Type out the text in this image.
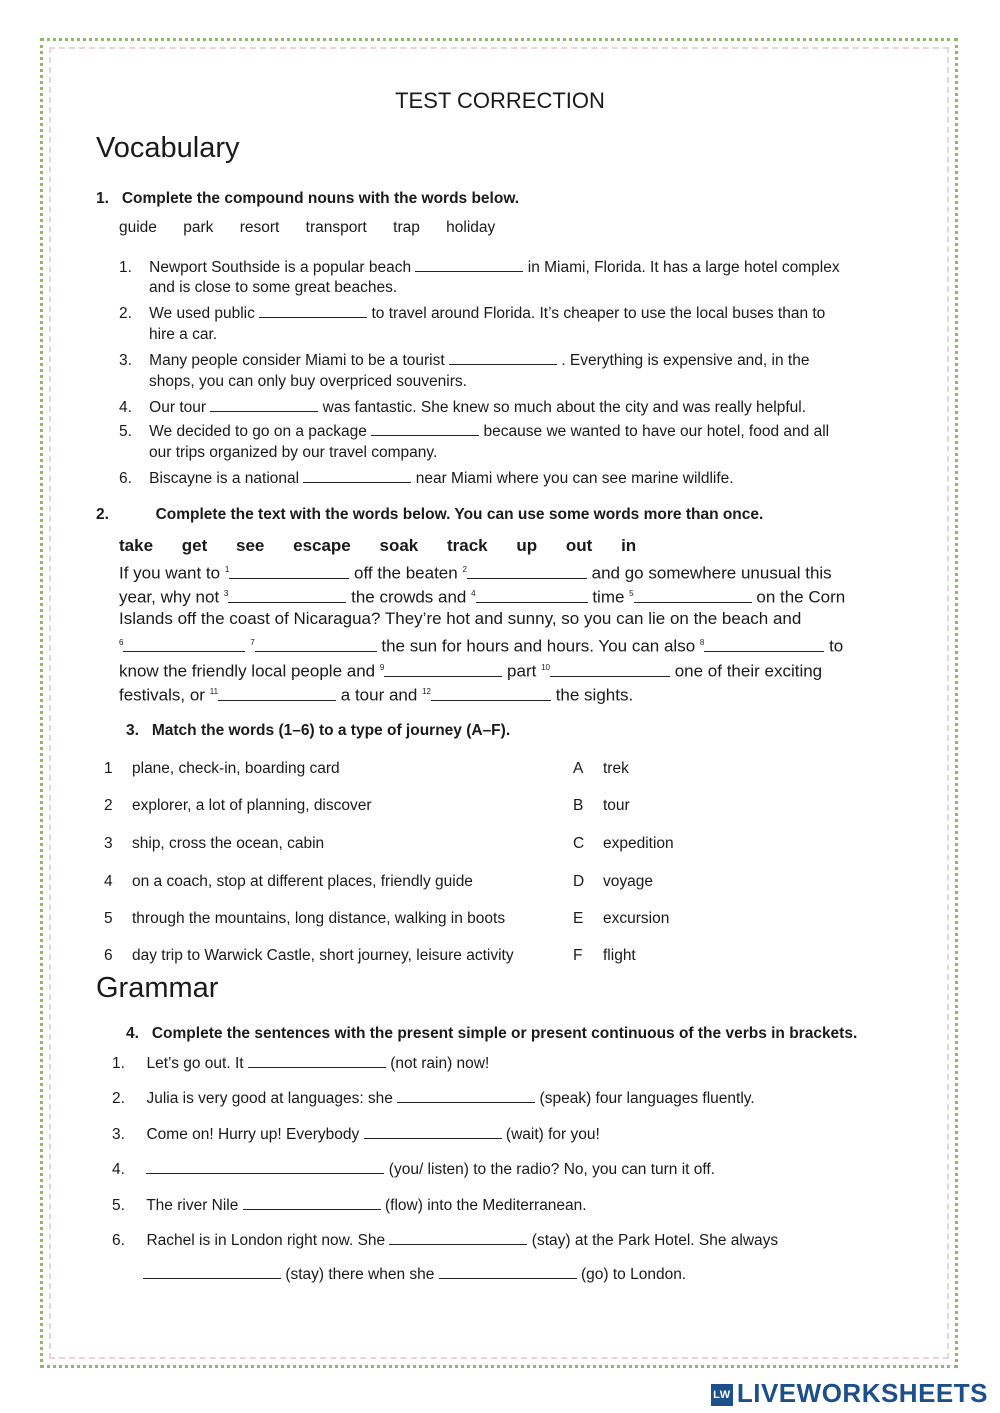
TEST CORRECTION
Vocabulary
1. Complete the compound nouns with the words below.
guide park resort transport trap holiday
1. Newport Southside is a popular beach	in Miami, Florida. It has a large hotel complex
and is close to some great beaches.
2. We used public	to travel around Florida. It’s cheaper to use the local buses than to
hire a car.
3. Many people consider Miami to be a tourist	. Everything is expensive and, in the
shops, you can only buy overpriced souvenirs.
4. Our tour	was fantastic. She knew so much about the city and was really helpful.
5. We decided to go on a package	because we wanted to have our hotel, food and all
our trips organized by our travel company.
6. Biscayne is a national	near Miami where you can see marine wildlife.
2.	Complete the text with the words below. You can use some words more than once.
take get see escape soak track up out in
If you want to $^1$	off the beaten $^2$	and go somewhere unusual this
year, why not $^3$	the crowds and $^4$	time $^5$	on the Corn
Islands off the coast of Nicaragua? They’re hot and sunny, so you can lie on the beach and
$^6$	$^7$	the sun for hours and hours. You can also $^8$	to
know the friendly local people and $^9$	part $^{10}$	one of their exciting
festivals, or $^{11}$	a tour and $^{12}$	the sights.
3. Match the words (1–6) to a type of journey (A–F).
1 plane, check-in, boarding card	A trek
2 explorer, a lot of planning, discover	B tour
3 ship, cross the ocean, cabin	C expedition
4 on a coach, stop at different places, friendly guide	D voyage
5 through the mountains, long distance, walking in boots	E excursion
6 day trip to Warwick Castle, short journey, leisure activity	F flight
Grammar
4. Complete the sentences with the present simple or present continuous of the verbs in brackets.
1. Let’s go out. It	(not rain) now!
2. Julia is very good at languages: she	(speak) four languages fluently.
3. Come on! Hurry up! Everybody	(wait) for you!
4.	(you/ listen) to the radio? No, you can turn it off.
5. The river Nile	(flow) into the Mediterranean.
6. Rachel is in London right now. She	(stay) at the Park Hotel. She always
(stay) there when she	(go) to London.
LW LIVEWORKSHEETS
